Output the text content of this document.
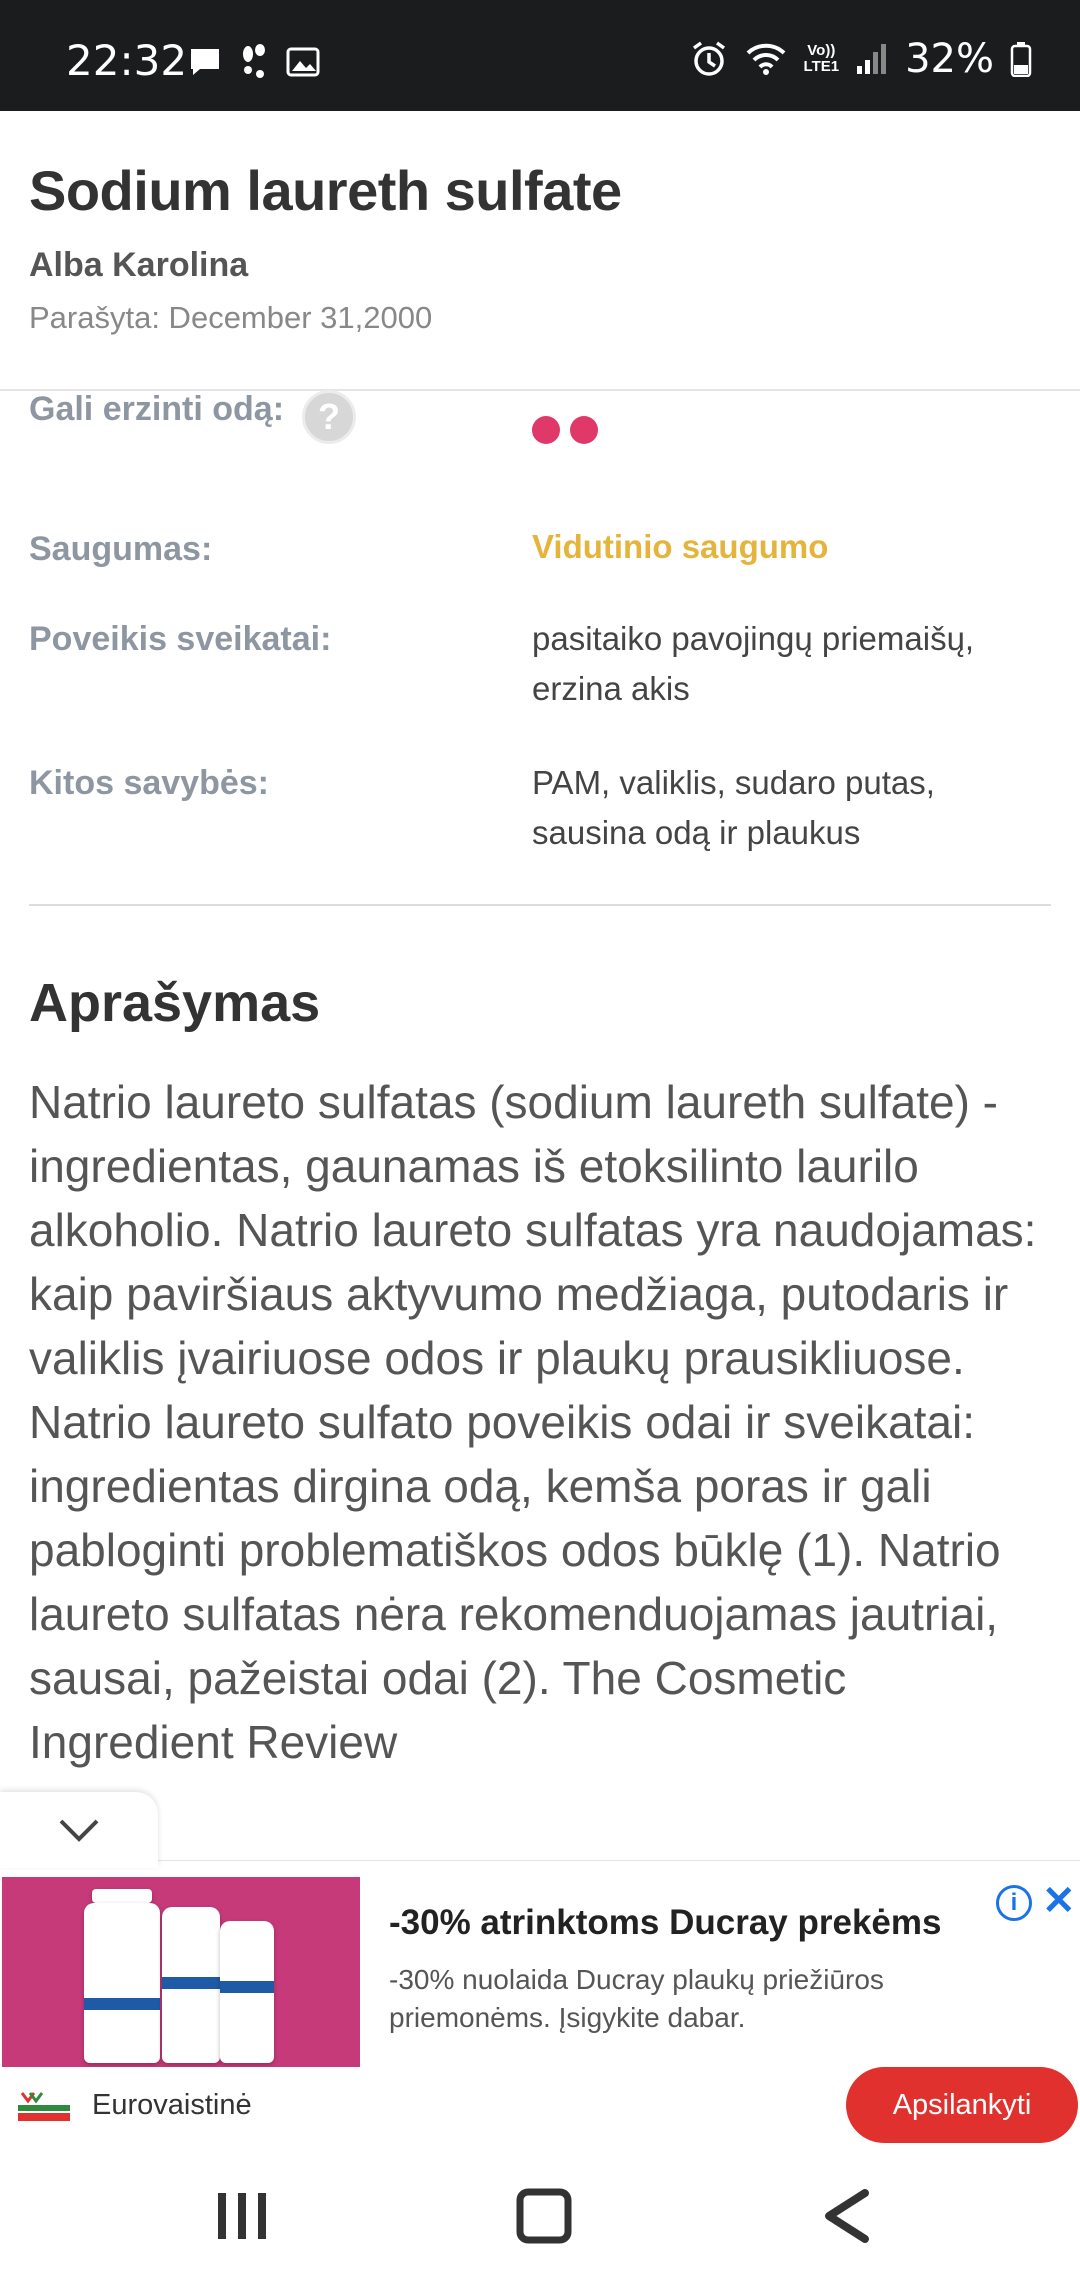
22:32	Vo))
LTE1 32%
Sodium laureth sulfate
Alba Karolina
Parašyta: December 31,2000
Gali erzinti odą: ?
Saugumas:	Vidutinio saugumo
Poveikis sveikatai:	pasitaiko pavojingų priemaišų,
erzina akis
Kitos savybės:	PAM, valiklis, sudaro putas,
sausina odą ir plaukus
Aprašymas

Natrio laureto sulfatas (sodium laureth sulfate) - ingredientas, gaunamas iš etoksilinto laurilo alkoholio. Natrio laureto sulfatas yra naudojamas: kaip paviršiaus aktyvumo medžiaga, putodaris ir valiklis įvairiuose odos ir plaukų prausikliuose. Natrio laureto sulfato poveikis odai ir sveikatai: ingredientas dirgina odą, kemša poras ir gali pablogintі problematiškos odos būklę (1). Natrio laureto sulfatas nėra rekomenduojamas jautriai, sausai, pažeistai odai (2). The Cosmetic Ingredient Review

-30% atrinktoms Ducray prekėms
-30% nuolaida Ducray plaukų priežiūros priemonėms. Įsigykite dabar.
i ✕
Eurovaistinė	Apsilankyti
